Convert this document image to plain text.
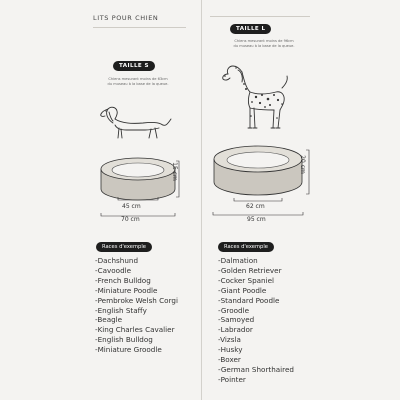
LITS POUR CHIEN
TAILLE S
Chiens mesurant moins de 63cm
du museau à la base de la queue.
15 cm
45 cm
70 cm
Races d'exemple
-Dachshund
-Cavoodle
-French Bulldog
-Miniature Poodle
-Pembroke Welsh Corgi
-English Staffy
-Beagle
-King Charles Cavalier
-English Bulldog
-Miniature Groodle
TAILLE L
Chiens mesurant moins de 96cm
du museau à la base de la queue.
20 cm
62 cm
95 cm
Races d'exemple
-Dalmation
-Golden Retriever
-Cocker Spaniel
-Giant Poodle
-Standard Poodle
-Groodle
-Samoyed
-Labrador
-Vizsla
-Husky
-Boxer
-German Shorthaired
-Pointer
